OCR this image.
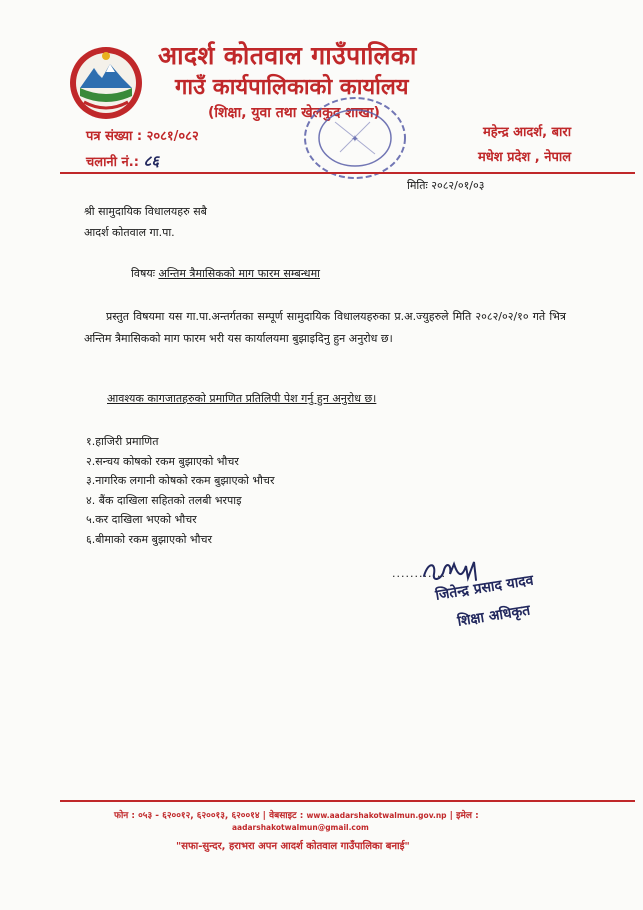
आदर्श कोतवाल गाउँपालिका
गाउँ कार्यपालिकाको कार्यालय
(शिक्षा, युवा तथा खेलकुद शाखा)
पत्र संख्या : २०८१/०८२
चलानी नं.: ८६
✦	महेन्द्र आदर्श, बारा
मधेश प्रदेश , नेपाल
मितिः २०८२/०१/०३
श्री सामुदायिक विधालयहरु सबै
आदर्श कोतवाल गा.पा.
विषयः अन्तिम त्रैमासिकको माग फारम सम्बन्धमा
प्रस्तुत विषयमा यस गा.पा.अन्तर्गतका सम्पूर्ण सामुदायिक विधालयहरुका प्र.अ.ज्युहरुले मिति २०८२/०२/१० गते भित्र अन्तिम त्रैमासिकको माग फारम भरी यस कार्यालयमा बुझाइदिनु हुन अनुरोध छ।
आवश्यक कागजातहरुको प्रमाणित प्रतिलिपी पेश गर्नु हुन अनुरोध छ।
१.हाजिरी प्रमाणित
२.सन्चय कोषको रकम बुझाएको भौचर
३.नागरिक लगानी कोषको रकम बुझाएको भौचर
४. बैंक दाखिला सहितको तलबी भरपाइ
५.कर दाखिला भएको भौचर
६.बीमाको रकम बुझाएको भौचर
............
जितेन्द्र प्रसाद यादव
शिक्षा अधिकृत
फोन : ०५३ - ६२००१२, ६२००१३, ६२००१४ | वेबसाइट : www.aadarshakotwalmun.gov.np | इमेल :
aadarshakotwalmun@gmail.com
"सफा-सुन्दर, हराभरा अपन आदर्श कोतवाल गाउँपालिका बनाई"
